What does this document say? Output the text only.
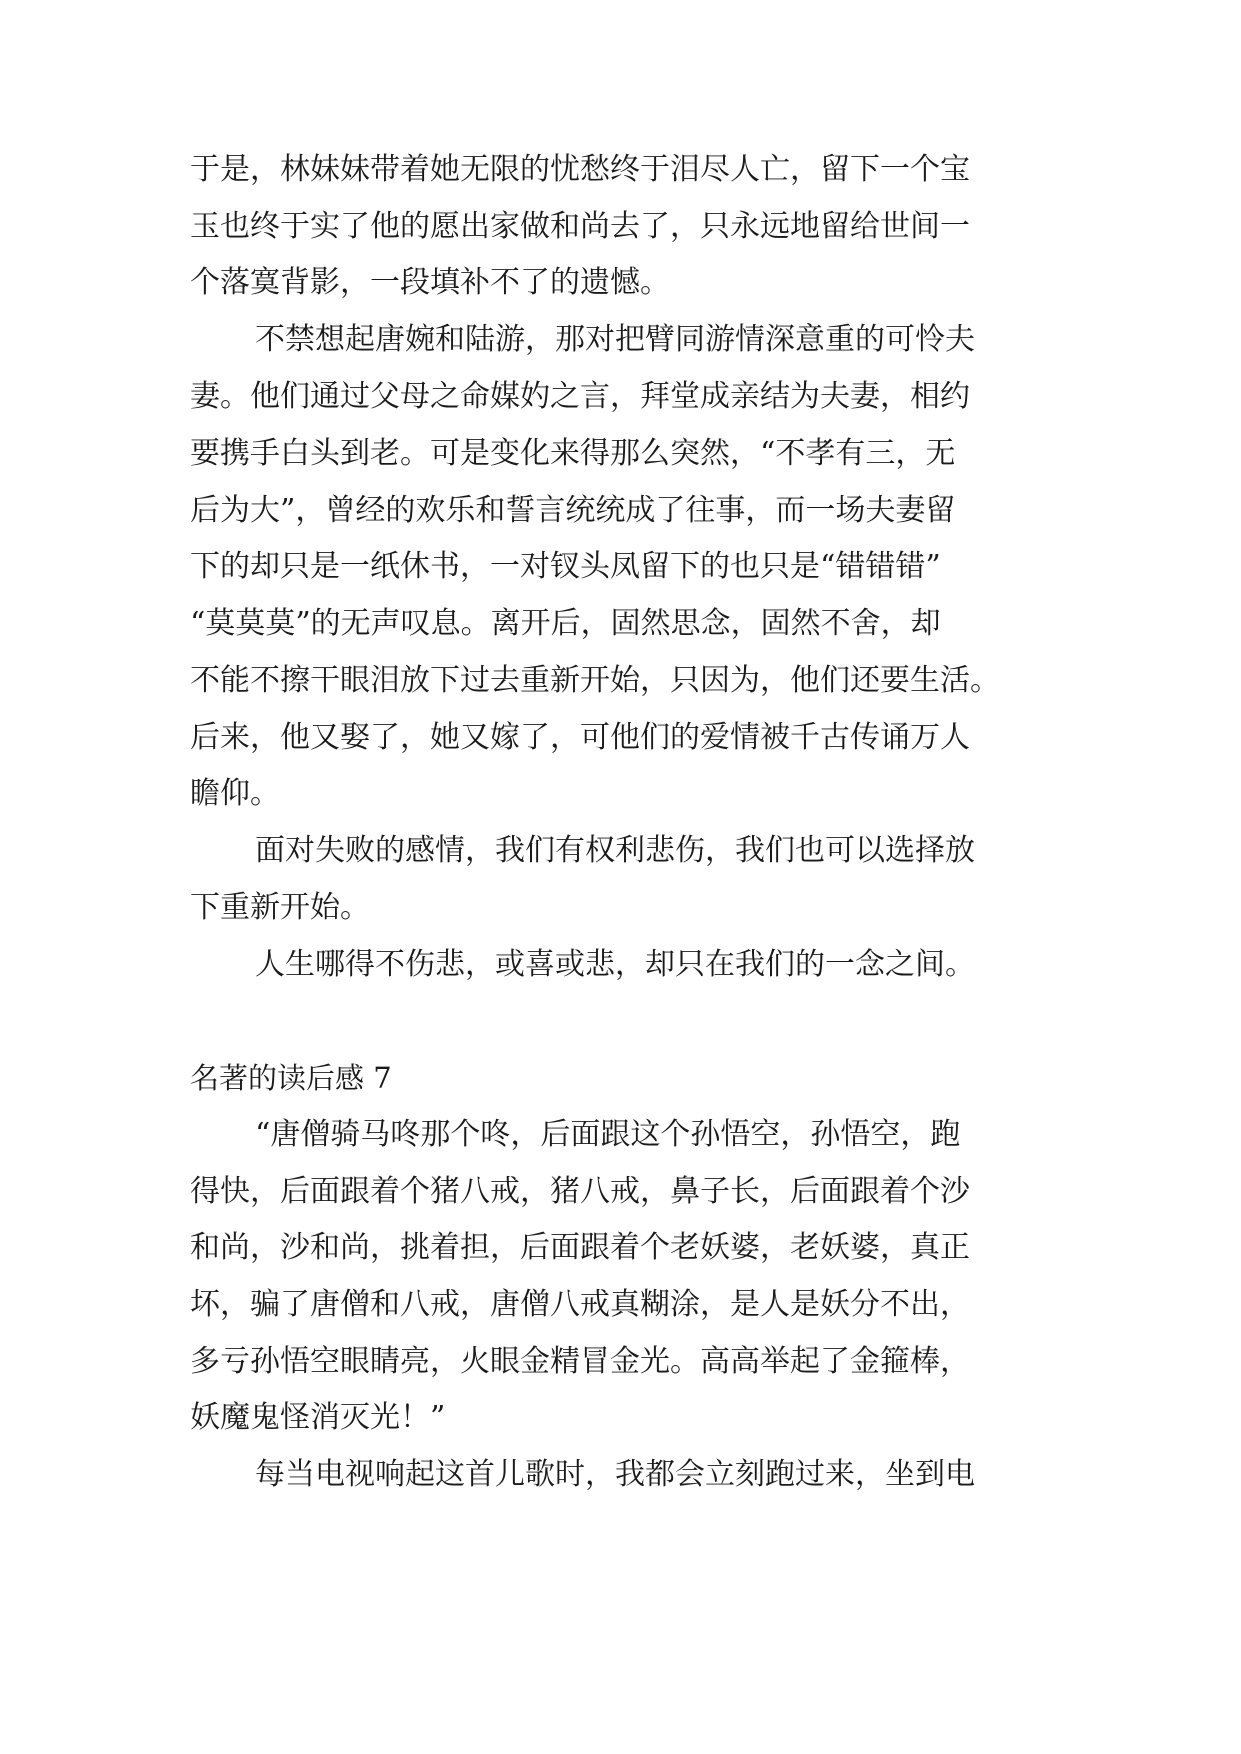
于是，林妹妹带着她无限的忧愁终于泪尽人亡，留下一个宝

玉也终于实了他的愿出家做和尚去了，只永远地留给世间一

个落寞背影，一段填补不了的遗憾。

不禁想起唐婉和陆游，那对把臂同游情深意重的可怜夫

妻。他们通过父母之命媒妁之言，拜堂成亲结为夫妻，相约

要携手白头到老。可是变化来得那么突然，“不孝有三，无

后为大”，曾经的欢乐和誓言统统成了往事，而一场夫妻留

下的却只是一纸休书，一对钗头凤留下的也只是“错错错”

“莫莫莫”的无声叹息。离开后，固然思念，固然不舍，却

不能不擦干眼泪放下过去重新开始，只因为，他们还要生活。

后来，他又娶了，她又嫁了，可他们的爱情被千古传诵万人

瞻仰。

面对失败的感情，我们有权利悲伤，我们也可以选择放

下重新开始。

人生哪得不伤悲，或喜或悲，却只在我们的一念之间。

名著的读后感 7

“唐僧骑马咚那个咚，后面跟这个孙悟空，孙悟空，跑

得快，后面跟着个猪八戒，猪八戒，鼻子长，后面跟着个沙

和尚，沙和尚，挑着担，后面跟着个老妖婆，老妖婆，真正

坏，骗了唐僧和八戒，唐僧八戒真糊涂，是人是妖分不出，

多亏孙悟空眼睛亮，火眼金精冒金光。高高举起了金箍棒，

妖魔鬼怪消灭光！”

每当电视响起这首儿歌时，我都会立刻跑过来，坐到电
